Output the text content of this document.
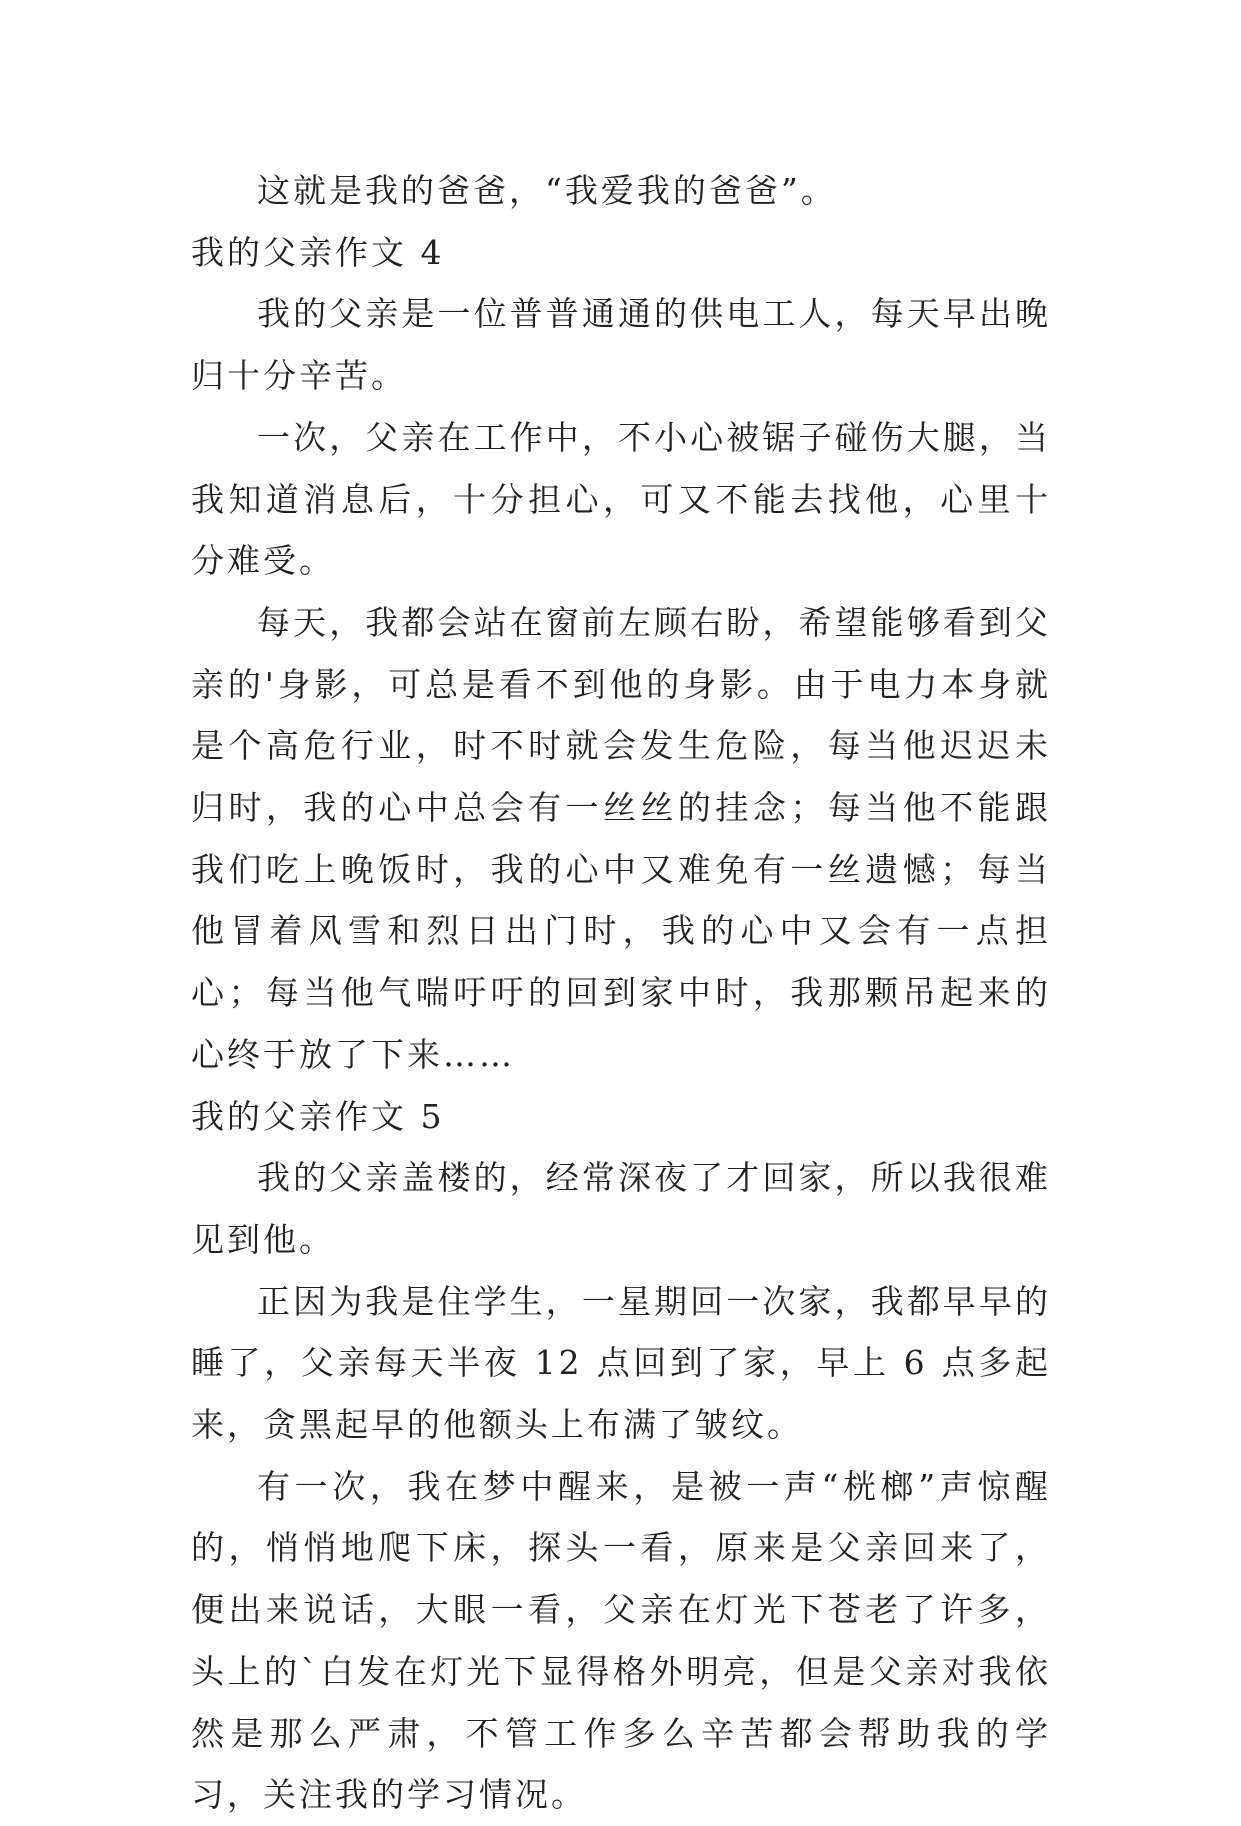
这就是我的爸爸，“我爱我的爸爸”。

我的父亲作文 4

我的父亲是一位普普通通的供电工人，每天早出晚归十分辛苦。

一次，父亲在工作中，不小心被锯子碰伤大腿，当我知道消息后，十分担心，可又不能去找他，心里十分难受。

每天，我都会站在窗前左顾右盼，希望能够看到父亲的'身影，可总是看不到他的身影。由于电力本身就是个高危行业，时不时就会发生危险，每当他迟迟未归时，我的心中总会有一丝丝的挂念；每当他不能跟我们吃上晚饭时，我的心中又难免有一丝遗憾；每当他冒着风雪和烈日出门时，我的心中又会有一点担心；每当他气喘吁吁的回到家中时，我那颗吊起来的心终于放了下来……

我的父亲作文 5

我的父亲盖楼的，经常深夜了才回家，所以我很难见到他。

正因为我是住学生，一星期回一次家，我都早早的睡了，父亲每天半夜 12 点回到了家，早上 6 点多起来，贪黑起早的他额头上布满了皱纹。

有一次，我在梦中醒来，是被一声“桄榔”声惊醒的，悄悄地爬下床，探头一看，原来是父亲回来了，便出来说话，大眼一看，父亲在灯光下苍老了许多，头上的`白发在灯光下显得格外明亮，但是父亲对我依然是那么严肃，不管工作多么辛苦都会帮助我的学习，关注我的学习情况。
